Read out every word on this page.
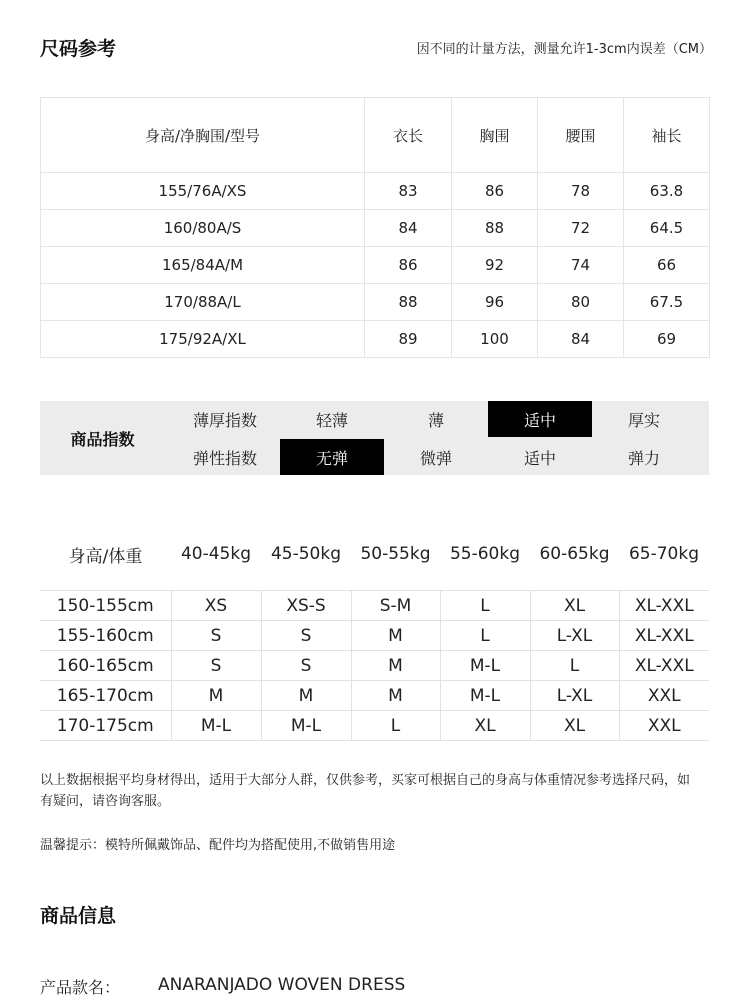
尺码参考	因不同的计量方法，测量允许1-3cm内误差（CM）
身高/净胸围/型号	衣长	胸围	腰围	袖长
155/76A/XS	83	86	78	63.8
160/80A/S	84	88	72	64.5
165/84A/M	86	92	74	66
170/88A/L	88	96	80	67.5
175/92A/XL	89	100	84	69
商品指数
薄厚指数	轻薄	薄	适中	厚实
弹性指数	无弹	微弹	适中	弹力
身高/体重	40-45kg	45-50kg	50-55kg	55-60kg	60-65kg	65-70kg
150-155cm	XS	XS-S	S-M	L	XL	XL-XXL
155-160cm	S	S	M	L	L-XL	XL-XXL
160-165cm	S	S	M	M-L	L	XL-XXL
165-170cm	M	M	M	M-L	L-XL	XXL
170-175cm	M-L	M-L	L	XL	XL	XXL
以上数据根据平均身材得出，适用于大部分人群，仅供参考，买家可根据自己的身高与体重情况参考选择尺码，如有疑问，请咨询客服。
温馨提示：模特所佩戴饰品、配件均为搭配使用,不做销售用途
商品信息
产品款名： ANARANJADO WOVEN DRESS
